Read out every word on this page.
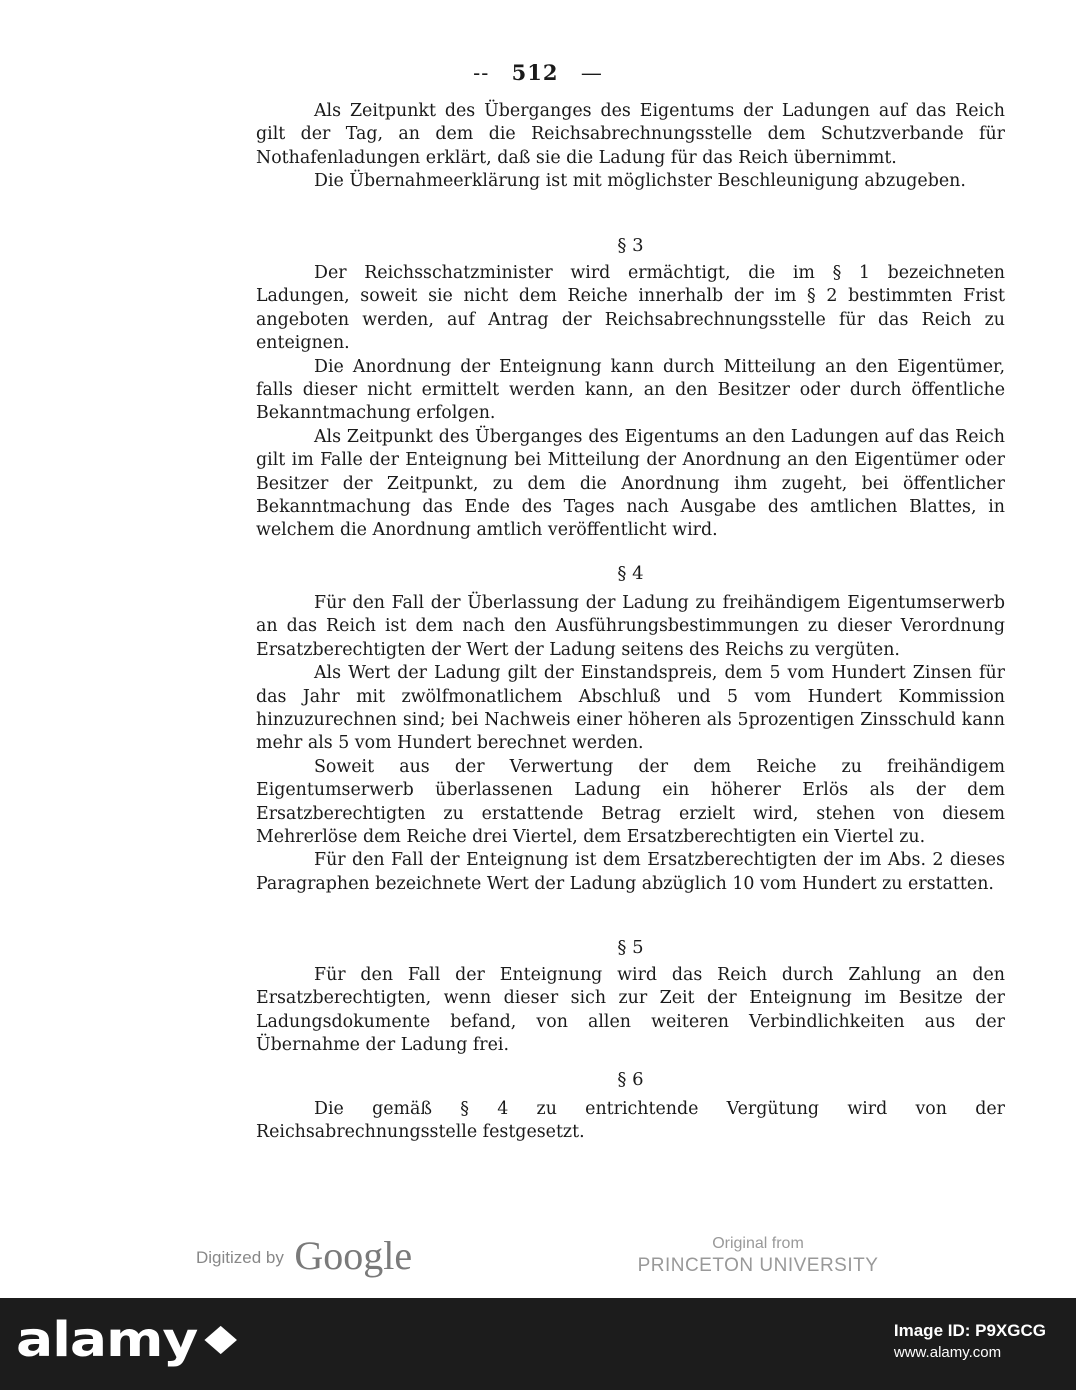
-- 512 —

Als Zeitpunkt des Überganges des Eigentums der Ladungen auf das Reich gilt der Tag, an dem die Reichsabrechnungsstelle dem Schutzverbande für Nothafenladungen erklärt, daß sie die Ladung für das Reich übernimmt.

Die Übernahmeerklärung ist mit möglichster Beschleunigung abzugeben.

§ 3

Der Reichsschatzminister wird ermächtigt, die im § 1 bezeichneten Ladungen, soweit sie nicht dem Reiche innerhalb der im § 2 bestimmten Frist angeboten werden, auf Antrag der Reichsabrechnungsstelle für das Reich zu enteignen.

Die Anordnung der Enteignung kann durch Mitteilung an den Eigentümer, falls dieser nicht ermittelt werden kann, an den Besitzer oder durch öffentliche Bekanntmachung erfolgen.

Als Zeitpunkt des Überganges des Eigentums an den Ladungen auf das Reich gilt im Falle der Enteignung bei Mitteilung der Anordnung an den Eigentümer oder Besitzer der Zeitpunkt, zu dem die Anordnung ihm zugeht, bei öffentlicher Bekanntmachung das Ende des Tages nach Ausgabe des amtlichen Blattes, in welchem die Anordnung amtlich veröffentlicht wird.

§ 4

Für den Fall der Überlassung der Ladung zu freihändigem Eigentumserwerb an das Reich ist dem nach den Ausführungsbestimmungen zu dieser Verordnung Ersatzberechtigten der Wert der Ladung seitens des Reichs zu vergüten.

Als Wert der Ladung gilt der Einstandspreis, dem 5 vom Hundert Zinsen für das Jahr mit zwölfmonatlichem Abschluß und 5 vom Hundert Kommission hinzuzurechnen sind; bei Nachweis einer höheren als 5prozentigen Zinsschuld kann mehr als 5 vom Hundert berechnet werden.

Soweit aus der Verwertung der dem Reiche zu freihändigem Eigentumserwerb überlassenen Ladung ein höherer Erlös als der dem Ersatzberechtigten zu erstattende Betrag erzielt wird, stehen von diesem Mehrerlöse dem Reiche drei Viertel, dem Ersatzberechtigten ein Viertel zu.

Für den Fall der Enteignung ist dem Ersatzberechtigten der im Abs. 2 dieses Paragraphen bezeichnete Wert der Ladung abzüglich 10 vom Hundert zu erstatten.

§ 5

Für den Fall der Enteignung wird das Reich durch Zahlung an den Ersatzberechtigten, wenn dieser sich zur Zeit der Enteignung im Besitze der Ladungsdokumente befand, von allen weiteren Verbindlichkeiten aus der Übernahme der Ladung frei.

§ 6

Die gemäß § 4 zu entrichtende Vergütung wird von der Reichsabrechnungsstelle festgesetzt.

Digitized by Google	Original from
PRINCETON UNIVERSITY
alamy	Image ID: P9XGCG
www.alamy.com
